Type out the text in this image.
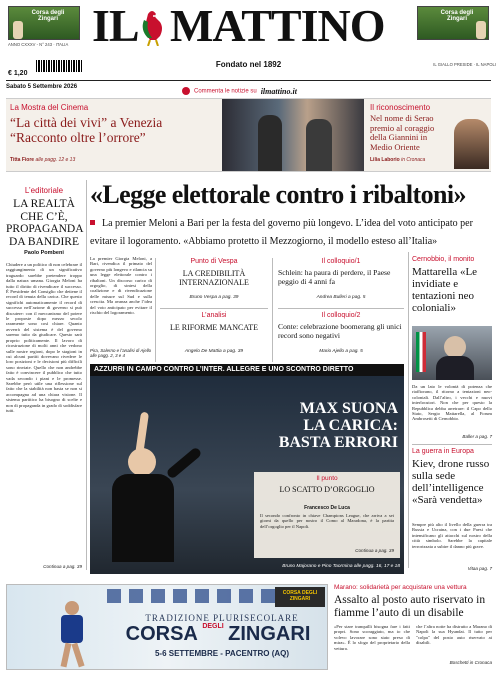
Corsa degli Zingari
ANNO CXXXV - N° 243 · ITALIA
€ 1,20
IL MATTINO
Fondato nel 1892
Corsa degli Zingari
IL GIALLO PRESIDE · IL NAPOLI
Sabato 5 Settembre 2026
Commenta le notizie su ilmattino.it
La Mostra del Cinema
“La città dei vivi” a Venezia “Racconto oltre l’orrore”
Titta Fiore alle pagg. 12 e 13
Il riconoscimento
Nel nome di Serao premio al coraggio della Giannini in Medio Oriente
Lilia Laborio in Cronaca
L’editoriale
LA REALTÀ CHE C’È, PROPAGANDA DA BANDIRE
Paolo Pombeni
Chiudere a un politico di non celebrare il raggiungimento di un significativo traguardo sarebbe pretendere troppo dalla natura umana. Giorgia Meloni ha tutto il diritto di rivendicare il successo. È Presidente del Consiglio che detiene il record di tenuta della carica. Che questo significhi automaticamente il record di successo nell’azione di governo si può discutere: con il meccanismo del potere le proposte dopo mezzo secolo raramente sono così chiare. Quanto avverrà del sistema è del governo saremo tutto da giudicare. Questo sarà proprio politicamente. Il lavoro di ricostruzione di molti anni che vedono sulle nostre regioni, dopo le stagioni in cui alcuni partiti dovevano rivedere le loro posizioni e le decisioni più difficili sono rinviate. Quello che non andrebbe fatto è convincere il pubblico che tutto vada secondo i piani e le promesse. Sarebbe però utile una riflessione sul fatto che la stabilità non basta se non si accompagna ad una chiara visione. Il sistema partitico ha bisogno di scelte e non di propaganda in grado di soddisfare tutti.
Continua a pag. 39
«Legge elettorale contro i ribaltoni»
La premier Meloni a Bari per la festa del governo più longevo. L’idea del voto anticipato per evitare il logoramento. «Abbiamo protetto il Mezzogiorno, il modello esteso all’Italia»
La premier Giorgia Meloni, a Bari, rivendica il primato del governo più longevo e rilancia su una legge elettorale contro i ribaltoni. Un discorso carico di orgoglio, di sintesi della coalizione e di rivendicazione delle misure sul Sud e sulla crescita. Ma avanza anche l’idea del voto anticipato per evitare il rischio del logoramento.
Pira, Salerno e l’analisi di Ajello alle pagg. 2, 3 e 4
Punto di Vespa
LA CREDIBILITÀ INTERNAZIONALE
Bruno Vespa a pag. 39
L’analisi
LE RIFORME MANCATE
Angelo De Mattia a pag. 39
Il colloquio/1
Schlein: ha paura di perdere, il Paese peggio di 4 anni fa
Andrea Bulleri a pag. 5
Il colloquio/2
Conte: celebrazione boomerang gli unici record sono negativi
Mario Ajello a pag. 5
AZZURRI IN CAMPO CONTRO L’INTER. ALLEGRE E UNO SCONTRO DIRETTO
MAX SUONA LA CARICA: BASTA ERRORI
Il punto
LO SCATTO D’ORGOGLIO
Francesco De Luca
Il secondo confronto in chiave Champions League, che arriva a sei giorni da quello per nostro il Como al Maradona, è la partita dell’orgoglio per il Napoli.
Continua a pag. 39
Bruno Majorano e Pino Taormina alle pagg. 16, 17 e 18
Cernobbio, il monito
Mattarella «Le invidiate e tentazioni neo coloniali»
Da un lato le volontà di potenza che riaffiorano, il ritorno a tentazioni neo-coloniali. Dall’altro, i vecchi e nuovi interlocutori. Non che per questo la Repubblica debba arretrare: il Capo dello Stato, Sergio Mattarella, al Forum Ambrosetti di Cernobbio.
Baller a pag. 7
La guerra in Europa
Kiev, drone russo sulla sede dell’intelligence «Sarà vendetta»
Sempre più alto il livello della guerra tra Russia e Ucraina, con i due Paesi che intensificano gli attacchi sul nostro della città simbolo. Sarebbe la capitale terrorizzata a subire il danno più grave.
Vitaa pag. 7
CORSA DEGLI ZINGARI
TRADIZIONE PLURISECOLARE
CORSA $^{DEGLI}$ ZINGARI
5-6 SETTEMBRE - PACENTRO (AQ)
Marano: solidarietà per acquistare una vettura
Assalto al posto auto riservato in fiamme l’auto di un disabile
«Per stare tranquilli bisogna fare i fatti propri. Sono scoraggiato, ma io che volevo lavorare sono stato preso di mira». È lo sfogo del proprietario della vettura.
che l’altra notte ha distrutto a Marano di Napoli la sua Hyundai. Il tutto per "colpa" del posto auto riservato ai disabili.
Boschetti in Cronaca
